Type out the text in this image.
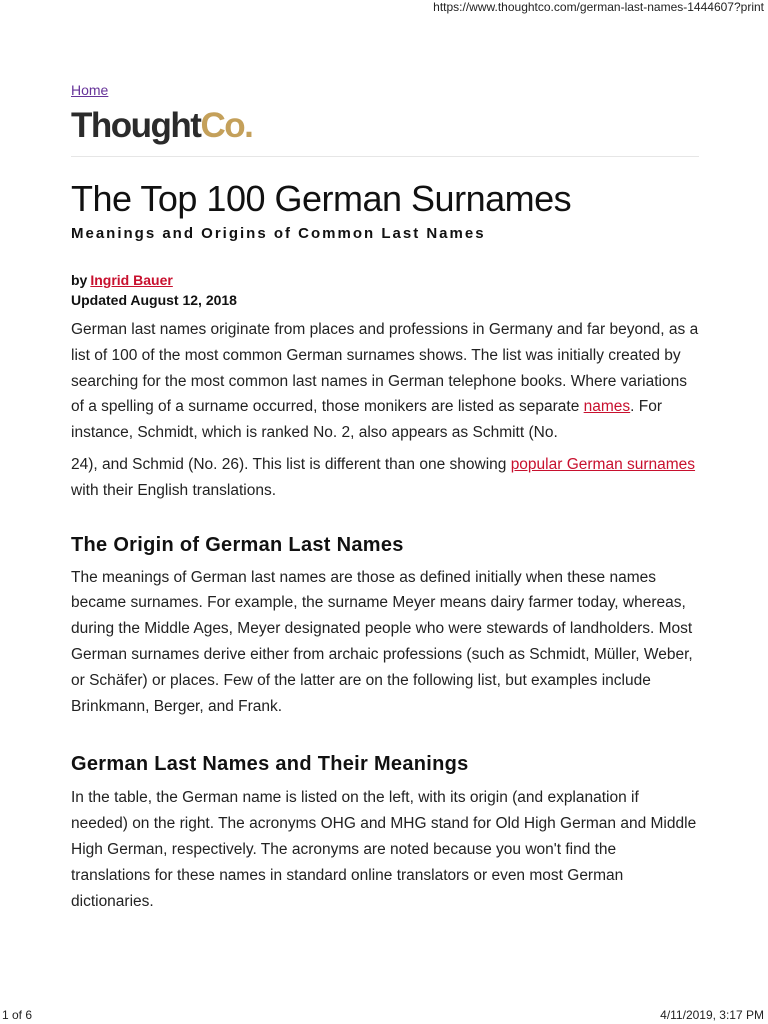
https://www.thoughtco.com/german-last-names-1444607?print
Home
ThoughtCo.
The Top 100 German Surnames
Meanings and Origins of Common Last Names
by Ingrid Bauer
Updated August 12, 2018

German last names originate from places and professions in Germany and far beyond, as a list of 100 of the most common German surnames shows. The list was initially created by searching for the most common last names in German telephone books. Where variations of a spelling of a surname occurred, those monikers are listed as separate names. For instance, Schmidt, which is ranked No. 2, also appears as Schmitt (No.

24), and Schmid (No. 26). This list is different than one showing popular German surnames with their English translations.

The Origin of German Last Names

The meanings of German last names are those as defined initially when these names became surnames. For example, the surname Meyer means dairy farmer today, whereas, during the Middle Ages, Meyer designated people who were stewards of landholders. Most German surnames derive either from archaic professions (such as Schmidt, Müller, Weber, or Schäfer) or places. Few of the latter are on the following list, but examples include Brinkmann, Berger, and Frank.

German Last Names and Their Meanings

In the table, the German name is listed on the left, with its origin (and explanation if needed) on the right. The acronyms OHG and MHG stand for Old High German and Middle High German, respectively. The acronyms are noted because you won't find the translations for these names in standard online translators or even most German dictionaries.

1 of 6	4/11/2019, 3:17 PM
